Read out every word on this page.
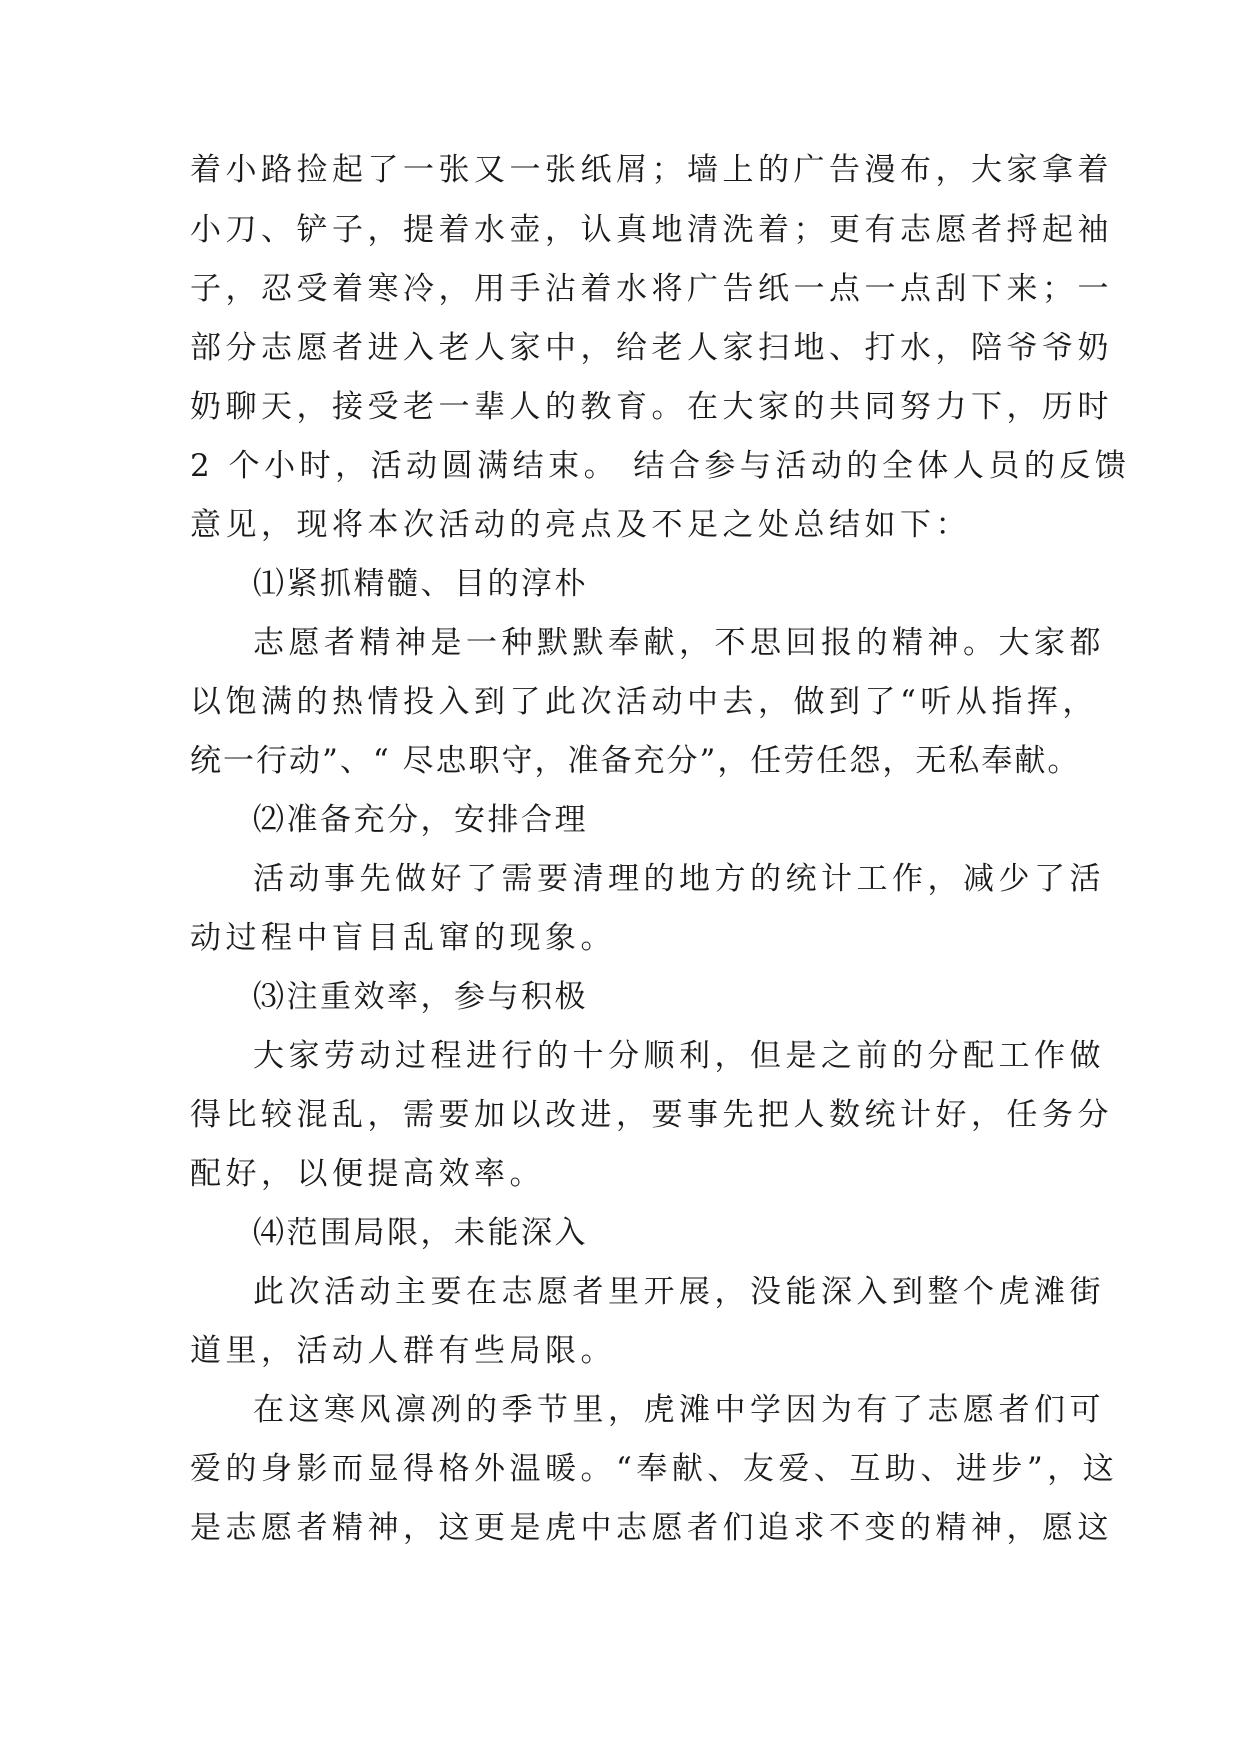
着小路捡起了一张又一张纸屑；墙上的广告漫布，大家拿着
小刀、铲子，提着水壶，认真地清洗着；更有志愿者捋起袖
子，忍受着寒冷，用手沾着水将广告纸一点一点刮下来；一
部分志愿者进入老人家中，给老人家扫地、打水，陪爷爷奶
奶聊天，接受老一辈人的教育。在大家的共同努力下，历时
2 个小时，活动圆满结束。 结合参与活动的全体人员的反馈
意见，现将本次活动的亮点及不足之处总结如下：
⑴紧抓精髓、目的淳朴
志愿者精神是一种默默奉献，不思回报的精神。大家都
以饱满的热情投入到了此次活动中去，做到了“听从指挥，
统一行动”、“ 尽忠职守，准备充分”，任劳任怨，无私奉献。
⑵准备充分，安排合理
活动事先做好了需要清理的地方的统计工作，减少了活
动过程中盲目乱窜的现象。
⑶注重效率，参与积极
大家劳动过程进行的十分顺利，但是之前的分配工作做
得比较混乱，需要加以改进，要事先把人数统计好，任务分
配好，以便提高效率。
⑷范围局限，未能深入
此次活动主要在志愿者里开展，没能深入到整个虎滩街
道里，活动人群有些局限。
在这寒风凛冽的季节里，虎滩中学因为有了志愿者们可
爱的身影而显得格外温暖。“奉献、友爱、互助、进步”，这
是志愿者精神，这更是虎中志愿者们追求不变的精神，愿这
